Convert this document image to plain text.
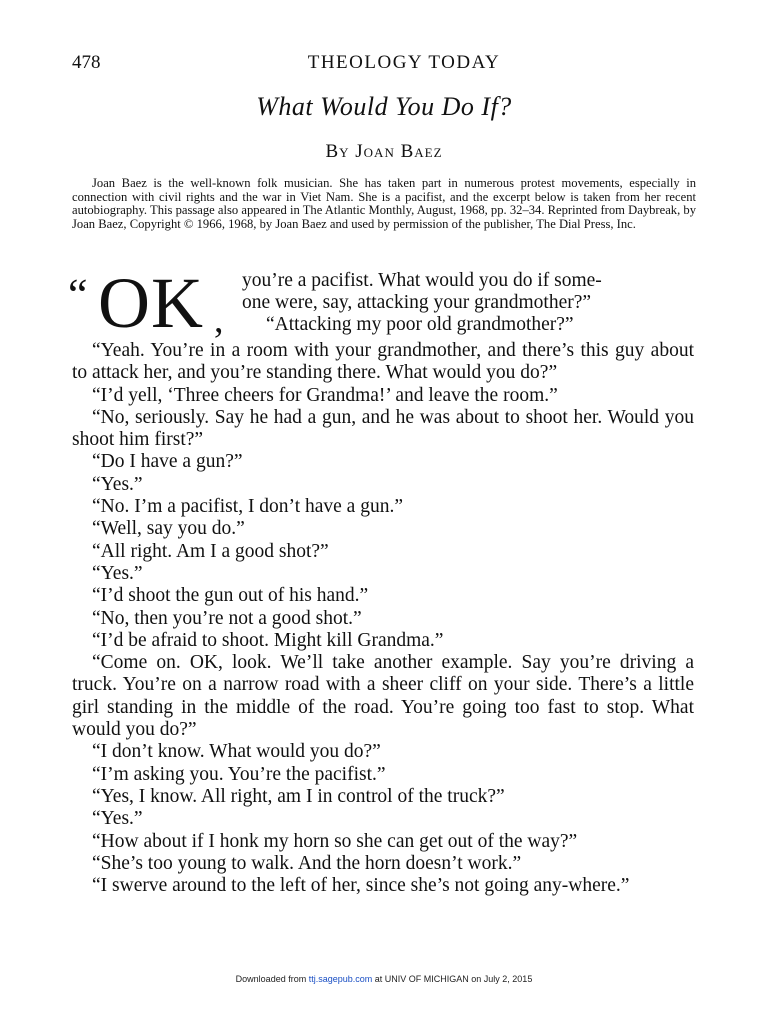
478	THEOLOGY TODAY
What Would You Do If?
By Joan Baez

Joan Baez is the well-known folk musician. She has taken part in numerous protest movements, especially in connection with civil rights and the war in Viet Nam. She is a pacifist, and the excerpt below is taken from her recent autobiography. This passage also appeared in The Atlantic Monthly, August, 1968, pp. 32–34. Reprinted from Daybreak, by Joan Baez, Copyright © 1966, 1968, by Joan Baez and used by permission of the publisher, The Dial Press, Inc.

“ OK ,
you’re a pacifist. What would you do if some-
one were, say, attacking your grandmother?”
“Attacking my poor old grandmother?”

“Yeah. You’re in a room with your grandmother, and there’s this guy about to attack her, and you’re standing there. What would you do?”

“I’d yell, ‘Three cheers for Grandma!’ and leave the room.”

“No, seriously. Say he had a gun, and he was about to shoot her. Would you shoot him first?”

“Do I have a gun?”

“Yes.”

“No. I’m a pacifist, I don’t have a gun.”

“Well, say you do.”

“All right. Am I a good shot?”

“Yes.”

“I’d shoot the gun out of his hand.”

“No, then you’re not a good shot.”

“I’d be afraid to shoot. Might kill Grandma.”

“Come on. OK, look. We’ll take another example. Say you’re driving a truck. You’re on a narrow road with a sheer cliff on your side. There’s a little girl standing in the middle of the road. You’re going too fast to stop. What would you do?”

“I don’t know. What would you do?”

“I’m asking you. You’re the pacifist.”

“Yes, I know. All right, am I in control of the truck?”

“Yes.”

“How about if I honk my horn so she can get out of the way?”

“She’s too young to walk. And the horn doesn’t work.”

“I swerve around to the left of her, since she’s not going any-where.”

Downloaded from ttj.sagepub.com at UNIV OF MICHIGAN on July 2, 2015
